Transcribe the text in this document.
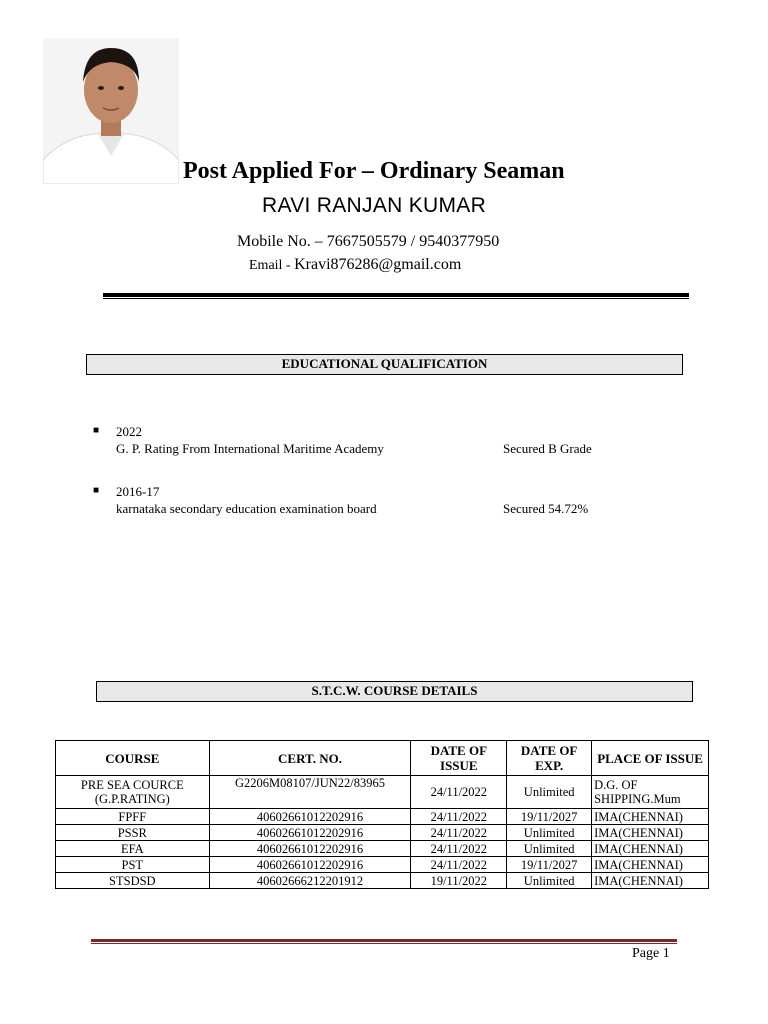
Post Applied For – Ordinary Seaman
RAVI RANJAN KUMAR
Mobile No. – 7667505579 / 9540377950
Email - Kravi876286@gmail.com
EDUCATIONAL QUALIFICATION
■ 2022
G. P. Rating From International Maritime Academy	Secured B Grade
■ 2016-17
karnataka secondary education examination board	Secured 54.72%
S.T.C.W. COURSE DETAILS
COURSE	CERT. NO.	DATE OF ISSUE	DATE OF EXP.	PLACE OF ISSUE
PRE SEA COURCE (G.P.RATING)	G2206M08107/JUN22/83965	24/11/2022	Unlimited	D.G. OF SHIPPING.Mum
FPFF	40602661012202916	24/11/2022	19/11/2027	IMA(CHENNAI)
PSSR	40602661012202916	24/11/2022	Unlimited	IMA(CHENNAI)
EFA	40602661012202916	24/11/2022	Unlimited	IMA(CHENNAI)
PST	40602661012202916	24/11/2022	19/11/2027	IMA(CHENNAI)
STSDSD	40602666212201912	19/11/2022	Unlimited	IMA(CHENNAI)
Page 1
